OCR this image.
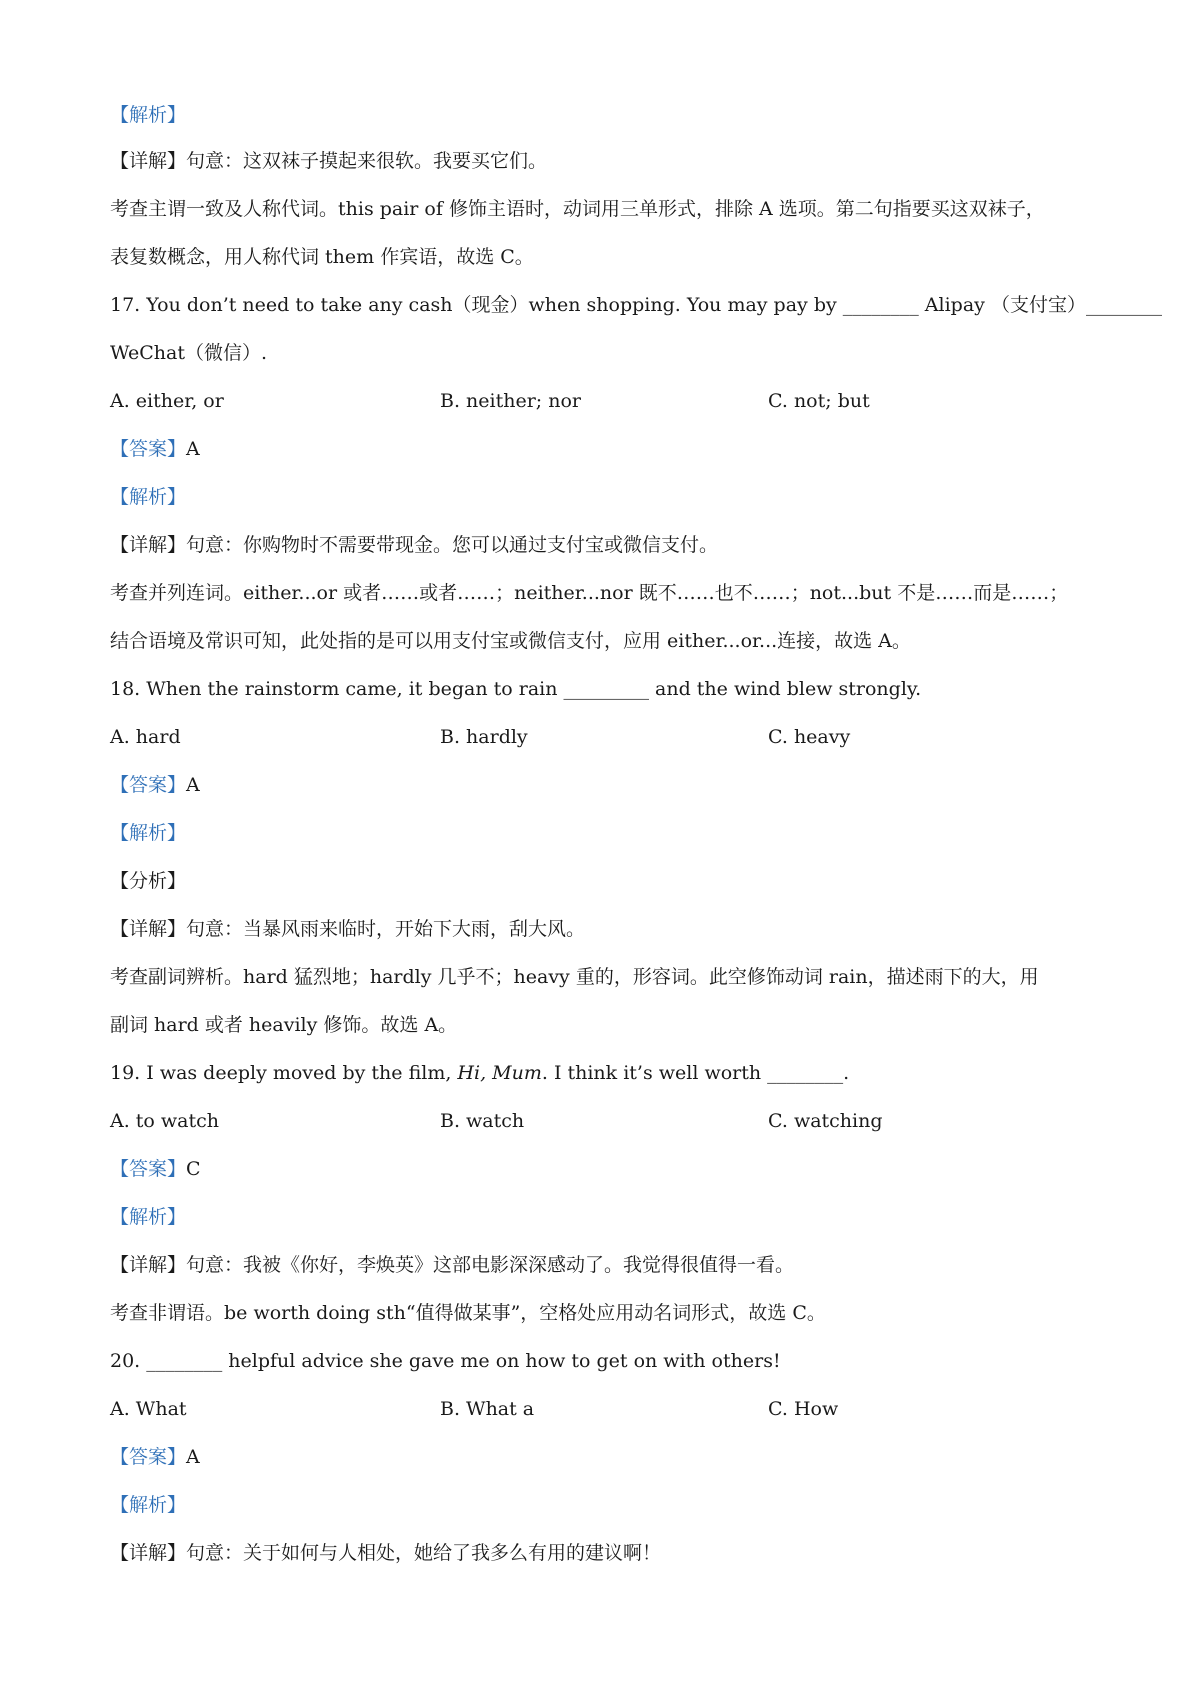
【解析】
【详解】句意：这双袜子摸起来很软。我要买它们。
考查主谓一致及人称代词。this pair of 修饰主语时，动词用三单形式，排除 A 选项。第二句指要买这双袜子，
表复数概念，用人称代词 them 作宾语，故选 C。
17. You don’t need to take any cash（现金）when shopping. You may pay by ________ Alipay （支付宝）________
WeChat（微信）.
A. either, or	B. neither; nor	C. not; but
【答案】A
【解析】
【详解】句意：你购物时不需要带现金。您可以通过支付宝或微信支付。
考查并列连词。either...or 或者……或者……；neither...nor 既不……也不……；not...but 不是……而是……；
结合语境及常识可知，此处指的是可以用支付宝或微信支付，应用 either...or...连接，故选 A。
18. When the rainstorm came, it began to rain _________ and the wind blew strongly.
A. hard	B. hardly	C. heavy
【答案】A
【解析】
【分析】
【详解】句意：当暴风雨来临时，开始下大雨，刮大风。
考查副词辨析。hard 猛烈地；hardly 几乎不；heavy 重的，形容词。此空修饰动词 rain，描述雨下的大，用
副词 hard 或者 heavily 修饰。故选 A。
19. I was deeply moved by the film, Hi, Mum. I think it’s well worth ________.
A. to watch	B. watch	C. watching
【答案】C
【解析】
【详解】句意：我被《你好，李焕英》这部电影深深感动了。我觉得很值得一看。
考查非谓语。be worth doing sth“值得做某事”，空格处应用动名词形式，故选 C。
20. ________ helpful advice she gave me on how to get on with others!
A. What	B. What a	C. How
【答案】A
【解析】
【详解】句意：关于如何与人相处，她给了我多么有用的建议啊！
